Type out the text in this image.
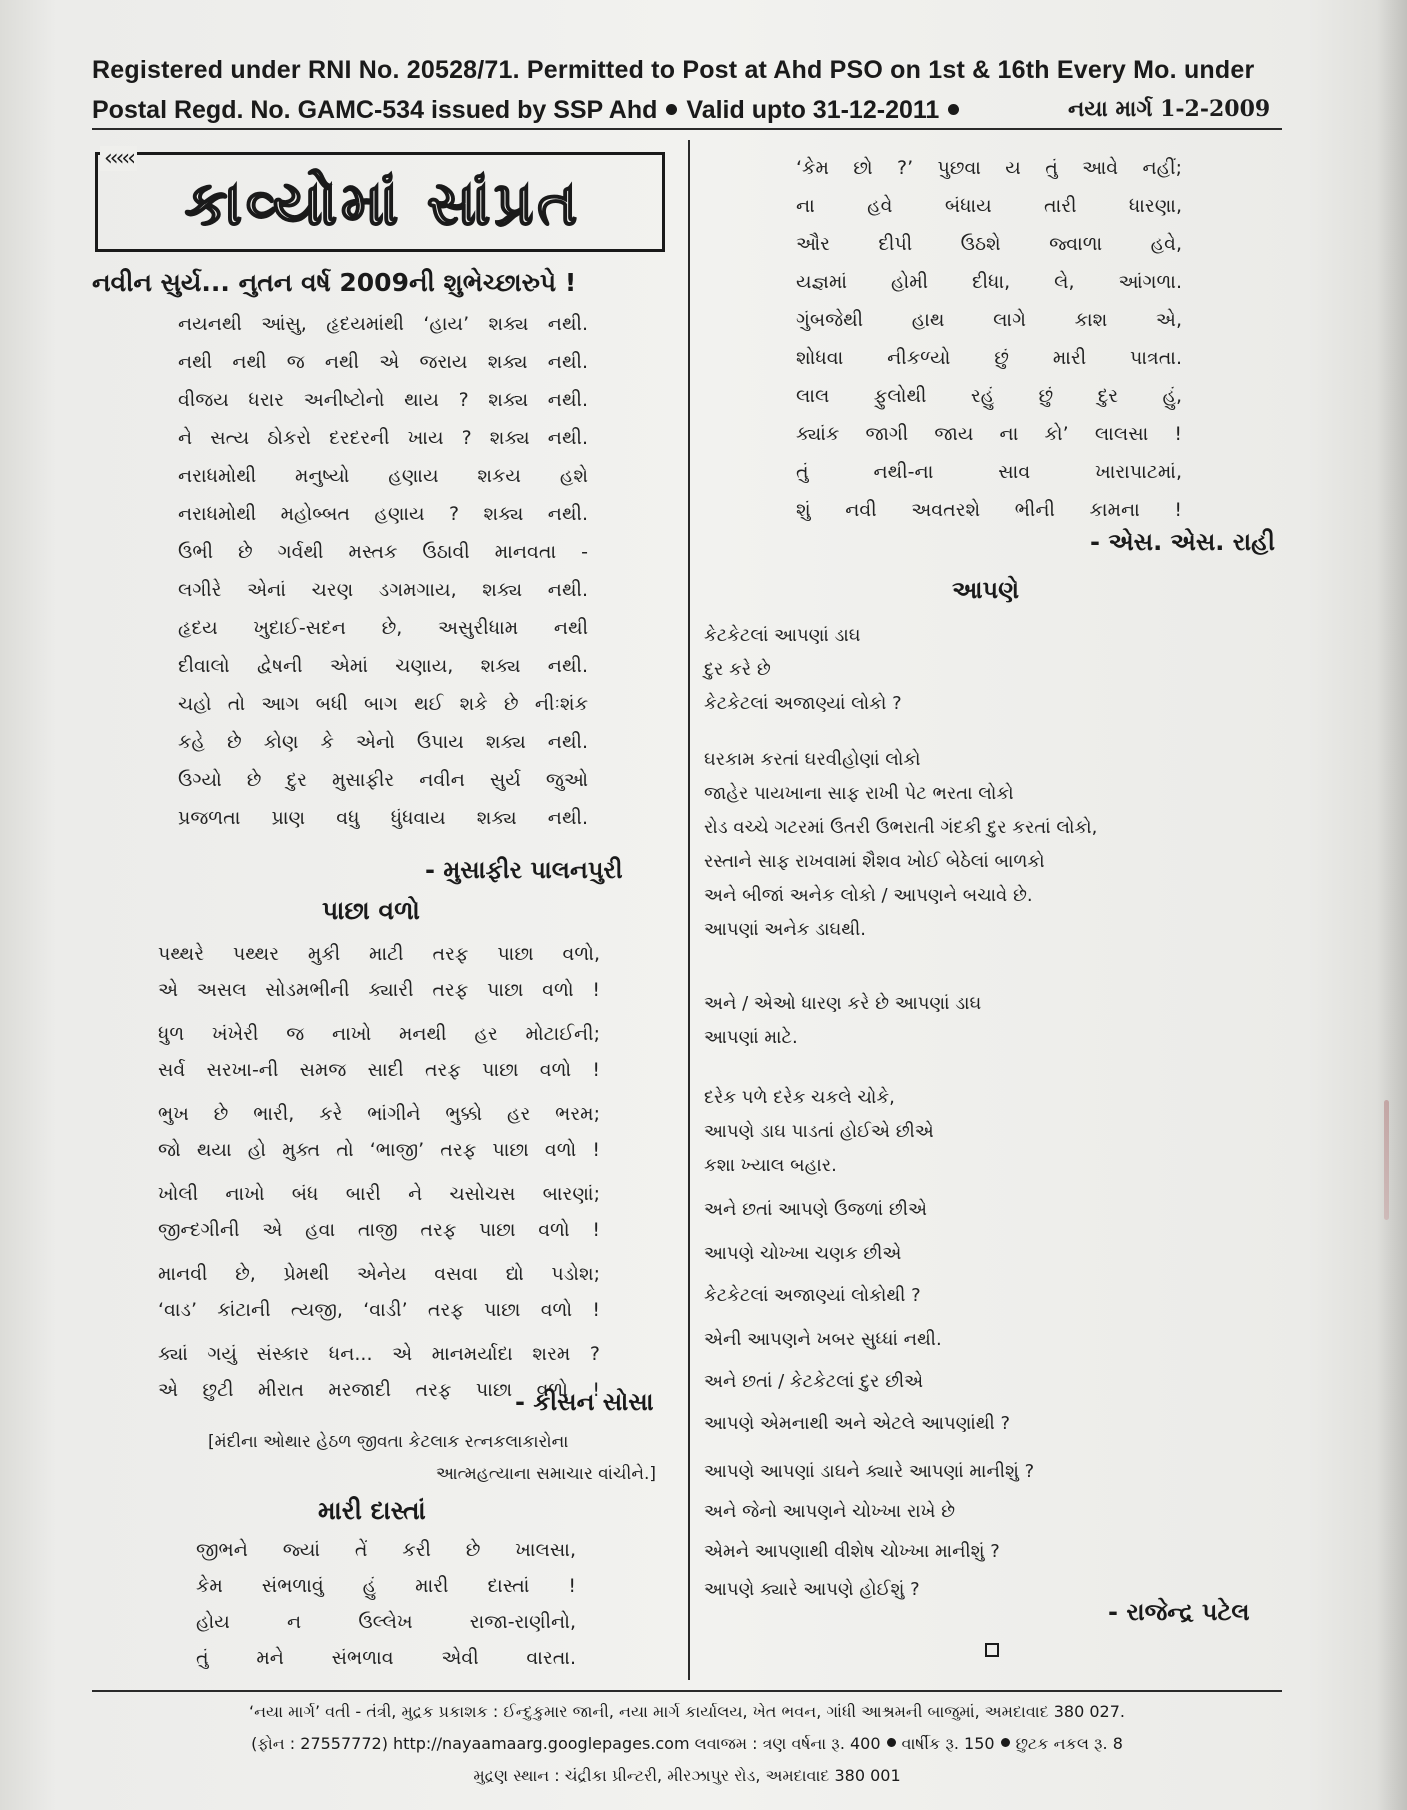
Registered under RNI No. 20528/71. Permitted to Post at Ahd PSO on 1st & 16th Every Mo. under
Postal Regd. No. GAMC-534 issued by SSP Ahd Valid upto 31-12-2011	નયા માર્ગ 1-2-2009
‹‹‹‹‹
કાવ્યોમાં સાંપ્રત
નવીન સુર્ય... નુતન વર્ષ 2009ની શુભેચ્છારુપે !
નયનથી આંસુ, હૃદયમાંથી ‘હાય’ શક્ય નથી.
નથી નથી જ નથી એ જરાય શક્ય નથી.
વીજય ધરાર અનીષ્ટોનો થાય ? શક્ય નથી.
ને સત્ય ઠોકરો દરદરની ખાય ? શક્ય નથી.
નરાધમોથી મનુષ્યો હણાય શકય હશે
નરાધમોથી મહોબ્બત હણાય ? શક્ય નથી.
ઉભી છે ગર્વથી મસ્તક ઉઠાવી માનવતા -
લગીરે એનાં ચરણ ડગમગાય, શક્ય નથી.
હૃદય ખુદાઈ-સદન છે, અસુરીધામ નથી
દીવાલો દ્વેષની એમાં ચણાય, શક્ય નથી.
ચહો તો આગ બધી બાગ થઈ શકે છે નીઃશંક
કહે છે કોણ કે એનો ઉપાય શક્ય નથી.
ઉગ્યો છે દુર મુસાફીર નવીન સુર્ય જુઓ
પ્રજળતા પ્રાણ વધુ ધુંધવાય શક્ય નથી.
- મુસાફીર પાલનપુરી
પાછા વળો
પથ્થરે પથ્થર મુકી માટી તરફ પાછા વળો,
એ અસલ સોડમભીની ક્યારી તરફ પાછા વળો !
ધુળ ખંખેરી જ નાખો મનથી હર મોટાઈની;
સર્વ સરખા-ની સમજ સાદી તરફ પાછા વળો !
ભુખ છે ભારી, કરે ભાંગીને ભુક્કો હર ભરમ;
જો થયા હો મુક્ત તો ‘ભાજી’ તરફ પાછા વળો !
ખોલી નાખો બંધ બારી ને ચસોચસ બારણાં;
જીન્દગીની એ હવા તાજી તરફ પાછા વળો !
માનવી છે, પ્રેમથી એનેય વસવા દ્યો પડોશ;
‘વાડ’ કાંટાની ત્યજી, ‘વાડી’ તરફ પાછા વળો !
ક્યાં ગયું સંસ્કાર ધન... એ માનમર્યાદા શરમ ?
એ છુટી મીરાત મરજાદી તરફ પાછા વળો !
- કીસન સોસા
[મંદીના ઓથાર હેઠળ જીવતા કેટલાક રત્નકલાકારોના
આત્મહત્યાના સમાચાર વાંચીને.]
મારી દાસ્તાં
જીભને જ્યાં તેં કરી છે ખાલસા,
કેમ સંભળાવું હું મારી દાસ્તાં !
હોય ન ઉલ્લેખ રાજા-રાણીનો,
તું મને સંભળાવ એવી વારતા.
‘કેમ છો ?’ પુછવા ય તું આવે નહીં;
ના હવે બંધાય તારી ધારણા,
ઔર દીપી ઉઠશે જ્વાળા હવે,
યજ્ઞમાં હોમી દીધા, લે, આંગળા.
ગુંબજેથી હાથ લાગે કાશ એ,
શોધવા નીકળ્યો છું મારી પાત્રતા.
લાલ ફુલોથી રહું છું દુર હું,
ક્યાંક જાગી જાય ના કો’ લાલસા !
તું નથી-ના સાવ ખારાપાટમાં,
શું નવી અવતરશે ભીની કામના !
- એસ. એસ. રાહી
આપણે
કેટકેટલાં આપણાં ડાઘ
દુર કરે છે
કેટકેટલાં અજાણ્યાં લોકો ?
ઘરકામ કરતાં ઘરવીહોણાં લોકો
જાહેર પાયખાના સાફ રાખી પેટ ભરતા લોકો
રોડ વચ્ચે ગટરમાં ઉતરી ઉભરાતી ગંદકી દુર કરતાં લોકો,
રસ્તાને સાફ રાખવામાં શૈશવ ખોઈ બેઠેલાં બાળકો
અને બીજાં અનેક લોકો / આપણને બચાવે છે.
આપણાં અનેક ડાઘથી.
અને / એઓ ધારણ કરે છે આપણાં ડાઘ
આપણાં માટે.
દરેક પળે દરેક ચકલે ચોકે,
આપણે ડાઘ પાડતાં હોઈએ છીએ
કશા ખ્યાલ બહાર.
અને છતાં આપણે ઉજળાં છીએ
આપણે ચોખ્ખા ચણક છીએ
કેટકેટલાં અજાણ્યાં લોકોથી ?
એની આપણને ખબર સુધ્ધાં નથી.
અને છતાં / કેટકેટલાં દુર છીએ
આપણે એમનાથી અને એટલે આપણાંથી ?
આપણે આપણાં ડાઘને ક્યારે આપણાં માનીશું ?
અને જેનો આપણને ચોખ્ખા રાખે છે
એમને આપણાથી વીશેષ ચોખ્ખા માનીશું ?
આપણે ક્યારે આપણે હોઈશું ?
- રાજેન્દ્ર પટેલ
‘નયા માર્ગ’ વતી - તંત્રી, મુદ્રક પ્રકાશક : ઈન્દુકુમાર જાની, નયા માર્ગ કાર્યાલય, ખેત ભવન, ગાંધી આશ્રમની બાજુમાં, અમદાવાદ 380 027.
(ફોન : 27557772) http://nayaamaarg.googlepages.com લવાજમ : ત્રણ વર્ષના રૂ. 400 વાર્ષીક રૂ. 150 છુટક નકલ રૂ. 8
મુદ્રણ સ્થાન : ચંદ્રીકા પ્રીન્ટરી, મીરઝાપુર રોડ, અમદાવાદ 380 001
